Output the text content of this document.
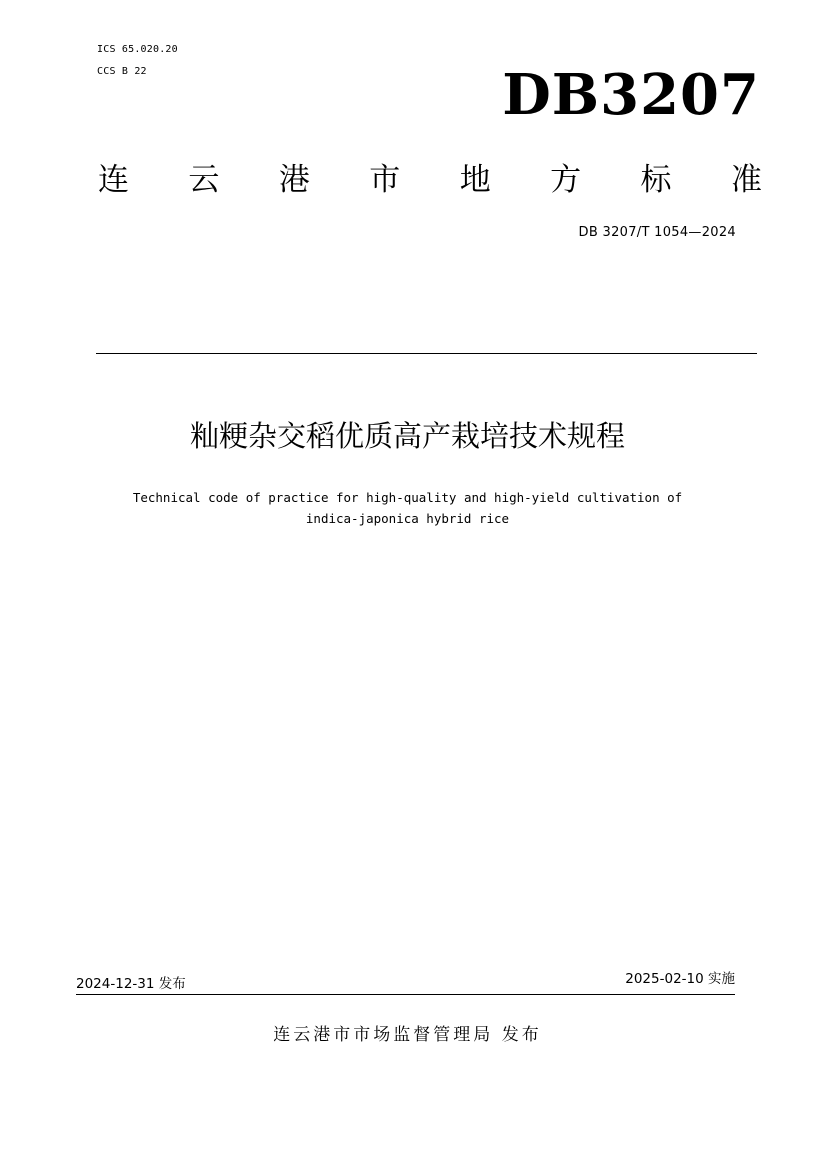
ICS 65.020.20
CCS B 22	DB3207
连 云 港 市 地 方 标 准
DB 3207/T 1054—2024
籼粳杂交稻优质高产栽培技术规程
Technical code of practice for high-quality and high-yield cultivation of
indica-japonica hybrid rice
2024-12-31 发布	2025-02-10 实施
连云港市市场监督管理局 发布
